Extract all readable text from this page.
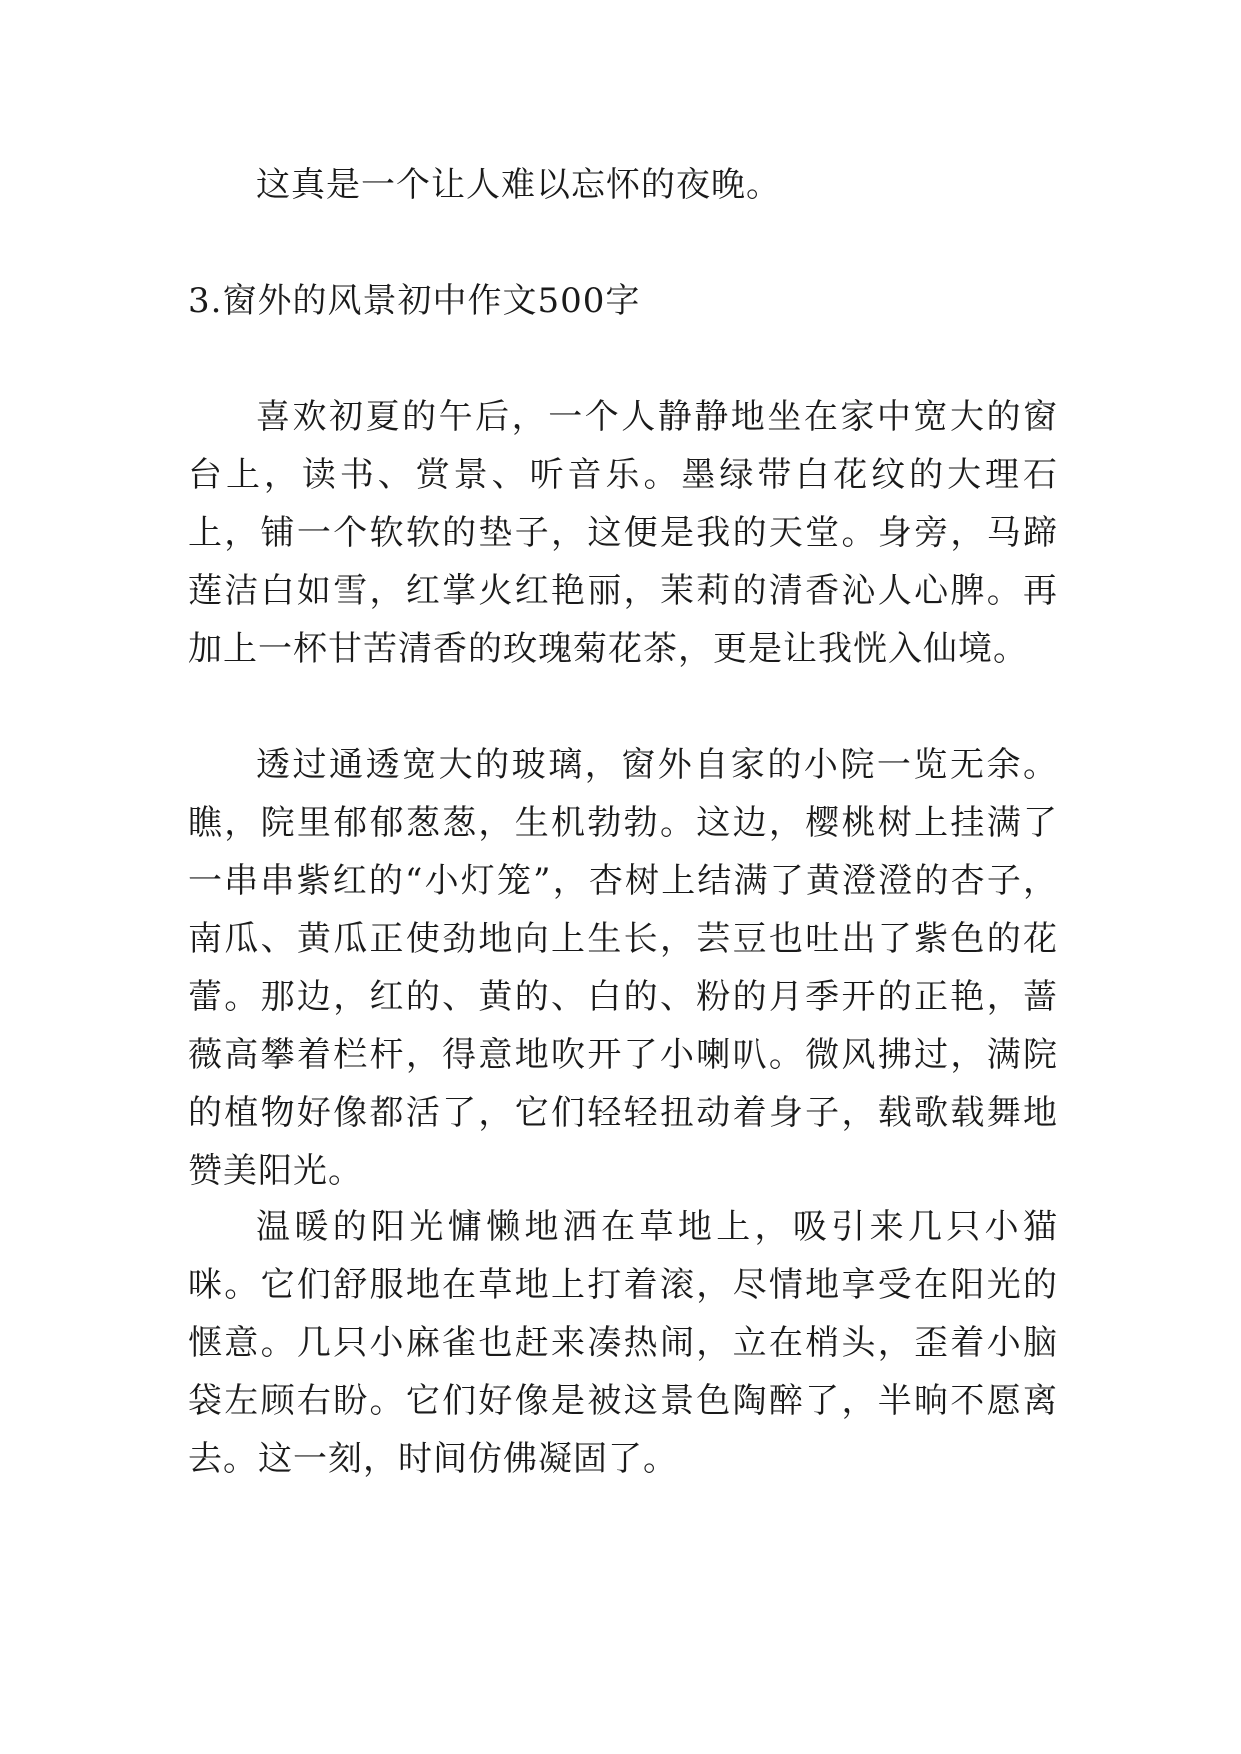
这真是一个让人难以忘怀的夜晚。

3.窗外的风景初中作文500字

喜欢初夏的午后，一个人静静地坐在家中宽大的窗台上，读书、赏景、听音乐。墨绿带白花纹的大理石上，铺一个软软的垫子，这便是我的天堂。身旁，马蹄莲洁白如雪，红掌火红艳丽，茉莉的清香沁人心脾。再加上一杯甘苦清香的玫瑰菊花茶，更是让我恍入仙境。

透过通透宽大的玻璃，窗外自家的小院一览无余。瞧，院里郁郁葱葱，生机勃勃。这边，樱桃树上挂满了一串串紫红的“小灯笼”，杏树上结满了黄澄澄的杏子，南瓜、黄瓜正使劲地向上生长，芸豆也吐出了紫色的花蕾。那边，红的、黄的、白的、粉的月季开的正艳，蔷薇高攀着栏杆，得意地吹开了小喇叭。微风拂过，满院的植物好像都活了，它们轻轻扭动着身子，载歌载舞地赞美阳光。

温暖的阳光慵懒地洒在草地上，吸引来几只小猫咪。它们舒服地在草地上打着滚，尽情地享受在阳光的惬意。几只小麻雀也赶来凑热闹，立在梢头，歪着小脑袋左顾右盼。它们好像是被这景色陶醉了，半晌不愿离去。这一刻，时间仿佛凝固了。
